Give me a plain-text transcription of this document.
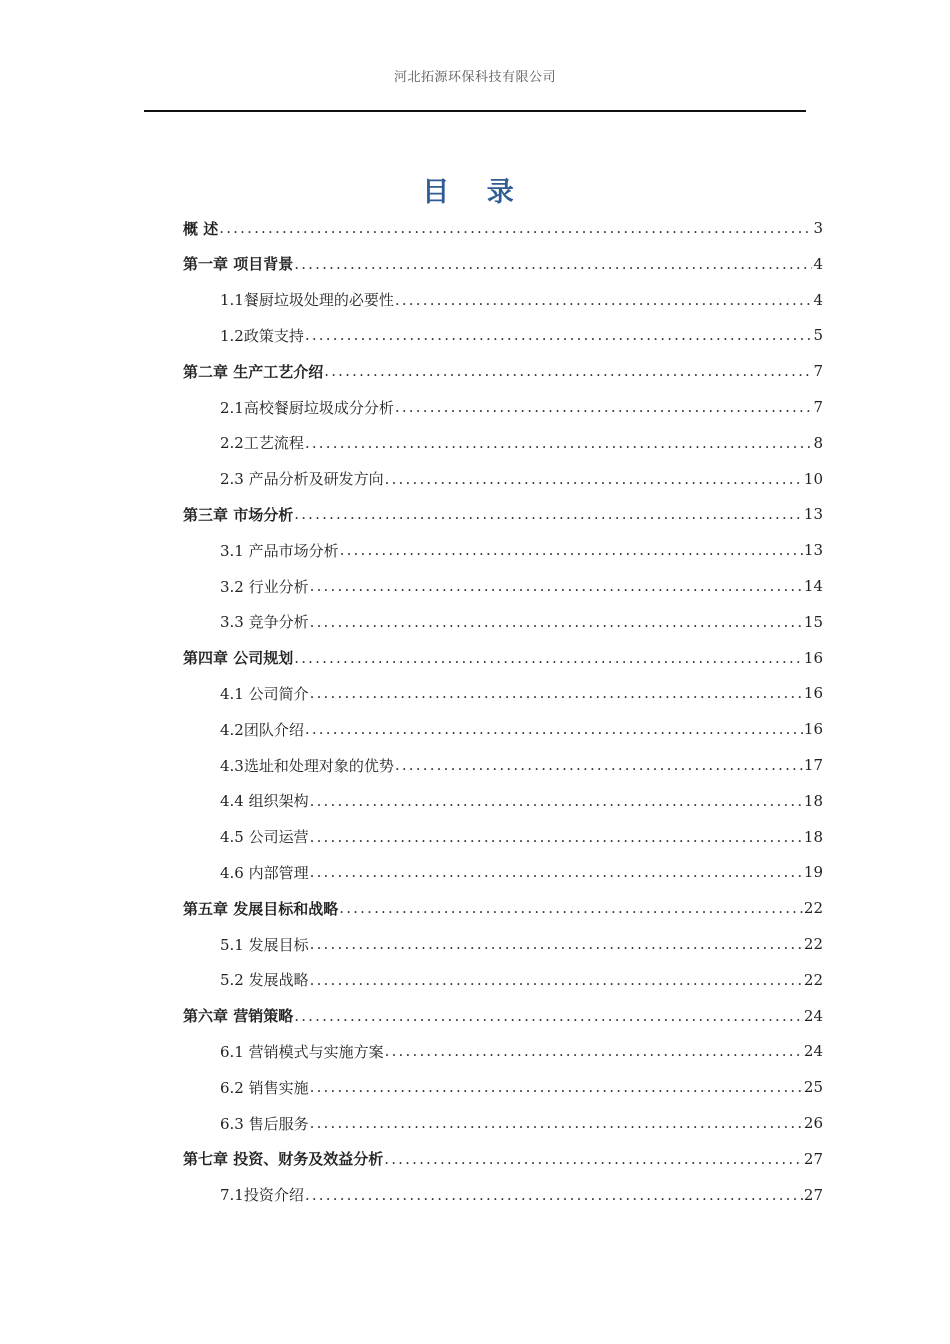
河北拓源环保科技有限公司
目 录
概 述 .....	3
第一章 项目背景 .....	4
1.1餐厨垃圾处理的必要性 .....	4
1.2政策支持 .....	5
第二章 生产工艺介绍 .....	7
2.1高校餐厨垃圾成分分析 .....	7
2.2工艺流程 .....	8
2.3 产品分析及研发方向 .....	10
第三章 市场分析 .....	13
3.1 产品市场分析 .....	13
3.2 行业分析 .....	14
3.3 竞争分析 .....	15
第四章 公司规划 .....	16
4.1 公司简介 .....	16
4.2团队介绍 .....	16
4.3选址和处理对象的优势 .....	17
4.4 组织架构 .....	18
4.5 公司运营 .....	18
4.6 内部管理 .....	19
第五章 发展目标和战略 .....	22
5.1 发展目标 .....	22
5.2 发展战略 .....	22
第六章 营销策略 .....	24
6.1 营销模式与实施方案 .....	24
6.2 销售实施 .....	25
6.3 售后服务 .....	26
第七章 投资、财务及效益分析 .....	27
7.1投资介绍 .....	27
